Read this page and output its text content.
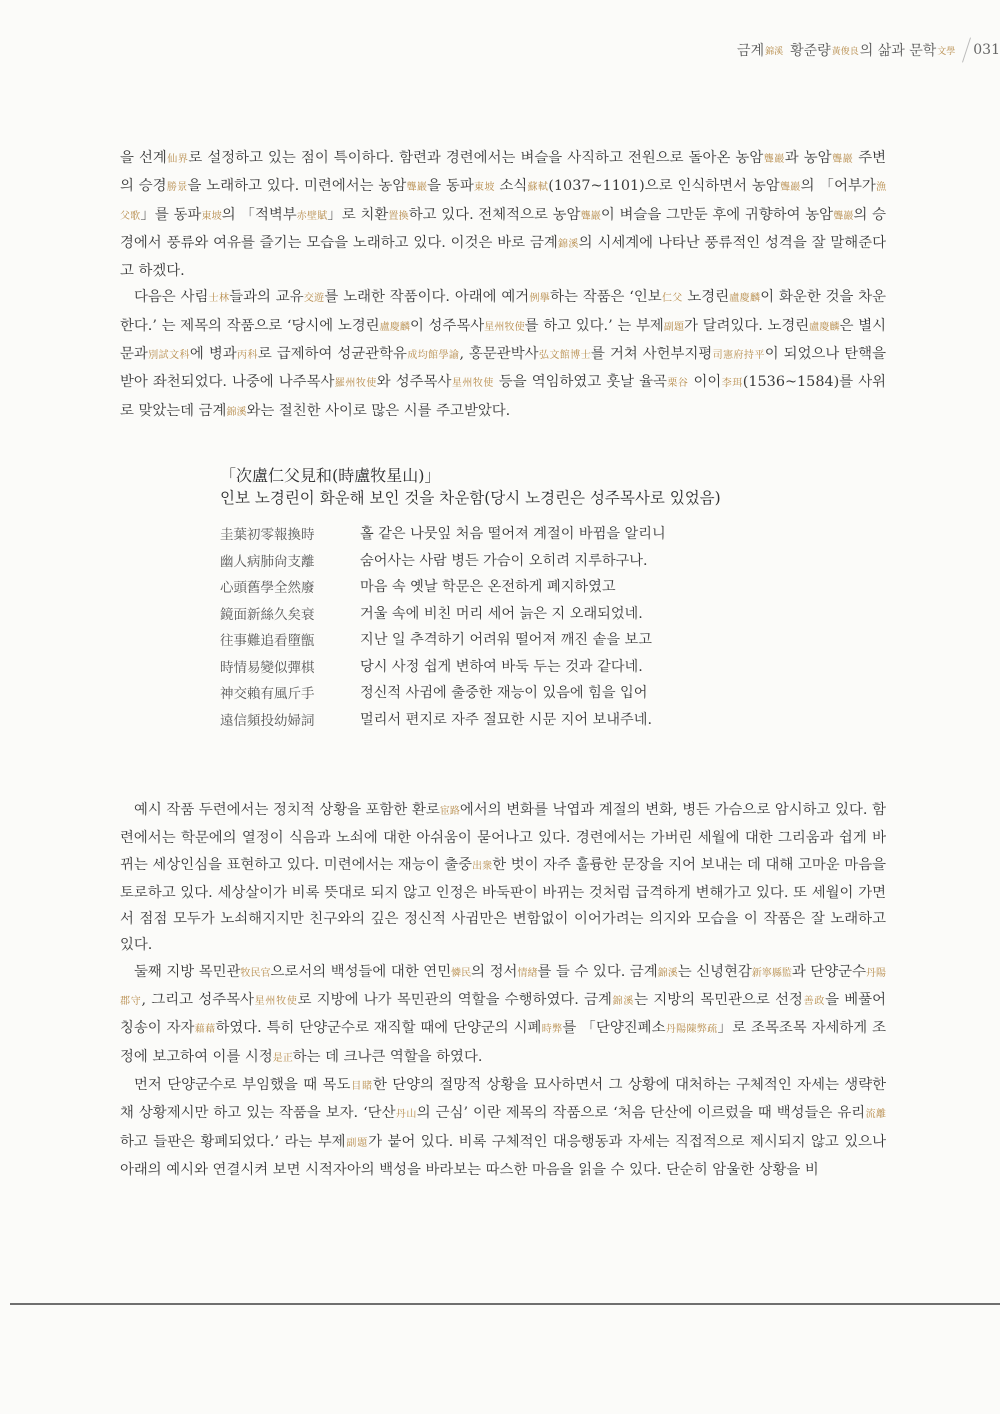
금계 錦溪 황준량 黃俊良 의 삶과 문학 文學 031

을 선계仙界로 설정하고 있는 점이 특이하다. 함련과 경련에서는 벼슬을 사직하고 전원으로 돌아온 농암聾巖과 농암聾巖 주변의 승경勝景을 노래하고 있다. 미련에서는 농암聾巖을 동파東坡 소식蘇軾(1037~1101)으로 인식하면서 농암聾巖의 「어부가漁父歌」를 동파東坡의 「적벽부赤壁賦」로 치환置換하고 있다. 전체적으로 농암聾巖이 벼슬을 그만둔 후에 귀향하여 농암聾巖의 승경에서 풍류와 여유를 즐기는 모습을 노래하고 있다. 이것은 바로 금계錦溪의 시세계에 나타난 풍류적인 성격을 잘 말해준다고 하겠다.

다음은 사림士林들과의 교유交遊를 노래한 작품이다. 아래에 예거例擧하는 작품은 ‘인보仁父 노경린盧慶麟이 화운한 것을 차운한다.’ 는 제목의 작품으로 ‘당시에 노경린盧慶麟이 성주목사星州牧使를 하고 있다.’ 는 부제副題가 달려있다. 노경린盧慶麟은 별시문과別試文科에 병과丙科로 급제하여 성균관학유成均館學諭, 홍문관박사弘文館博士를 거쳐 사헌부지평司憲府持平이 되었으나 탄핵을 받아 좌천되었다. 나중에 나주목사羅州牧使와 성주목사星州牧使 등을 역임하였고 훗날 율곡栗谷 이이李珥(1536~1584)를 사위로 맞았는데 금계錦溪와는 절친한 사이로 많은 시를 주고받았다.

「次盧仁父見和(時盧牧星山)」
인보 노경린이 화운해 보인 것을 차운함(당시 노경린은 성주목사로 있었음)
圭葉初零報換時	홀 같은 나뭇잎 처음 떨어져 계절이 바뀜을 알리니
幽人病肺尙支離	숨어사는 사람 병든 가슴이 오히려 지루하구나.
心頭舊學全然廢	마음 속 옛날 학문은 온전하게 폐지하였고
鏡面新絲久矣衰	거울 속에 비친 머리 세어 늙은 지 오래되었네.
往事難追看墮甑	지난 일 추격하기 어려워 떨어져 깨진 솥을 보고
時情易變似彈棋	당시 사정 쉽게 변하여 바둑 두는 것과 같다네.
神交賴有風斤手	정신적 사귐에 출중한 재능이 있음에 힘을 입어
遠信頻投幼婦詞	멀리서 편지로 자주 절묘한 시문 지어 보내주네.

예시 작품 두련에서는 정치적 상황을 포함한 환로宦路에서의 변화를 낙엽과 계절의 변화, 병든 가슴으로 암시하고 있다. 함련에서는 학문에의 열정이 식음과 노쇠에 대한 아쉬움이 묻어나고 있다. 경련에서는 가버린 세월에 대한 그리움과 쉽게 바뀌는 세상인심을 표현하고 있다. 미련에서는 재능이 출중出衆한 벗이 자주 훌륭한 문장을 지어 보내는 데 대해 고마운 마음을 토로하고 있다. 세상살이가 비록 뜻대로 되지 않고 인정은 바둑판이 바뀌는 것처럼 급격하게 변해가고 있다. 또 세월이 가면서 점점 모두가 노쇠해지지만 친구와의 깊은 정신적 사귐만은 변함없이 이어가려는 의지와 모습을 이 작품은 잘 노래하고 있다.

둘째 지방 목민관牧民官으로서의 백성들에 대한 연민憐民의 정서情緖를 들 수 있다. 금계錦溪는 신녕현감新寧縣監과 단양군수丹陽郡守, 그리고 성주목사星州牧使로 지방에 나가 목민관의 역할을 수행하였다. 금계錦溪는 지방의 목민관으로 선정善政을 베풀어 칭송이 자자藉藉하였다. 특히 단양군수로 재직할 때에 단양군의 시폐時弊를 「단양진폐소丹陽陳弊疏」로 조목조목 자세하게 조정에 보고하여 이를 시정是正하는 데 크나큰 역할을 하였다.

먼저 단양군수로 부임했을 때 목도目睹한 단양의 절망적 상황을 묘사하면서 그 상황에 대처하는 구체적인 자세는 생략한 채 상황제시만 하고 있는 작품을 보자. ‘단산丹山의 근심’ 이란 제목의 작품으로 ‘처음 단산에 이르렀을 때 백성들은 유리流離하고 들판은 황폐되었다.’ 라는 부제副題가 붙어 있다. 비록 구체적인 대응행동과 자세는 직접적으로 제시되지 않고 있으나 아래의 예시와 연결시켜 보면 시적자아의 백성을 바라보는 따스한 마음을 읽을 수 있다. 단순히 암울한 상황을 비
